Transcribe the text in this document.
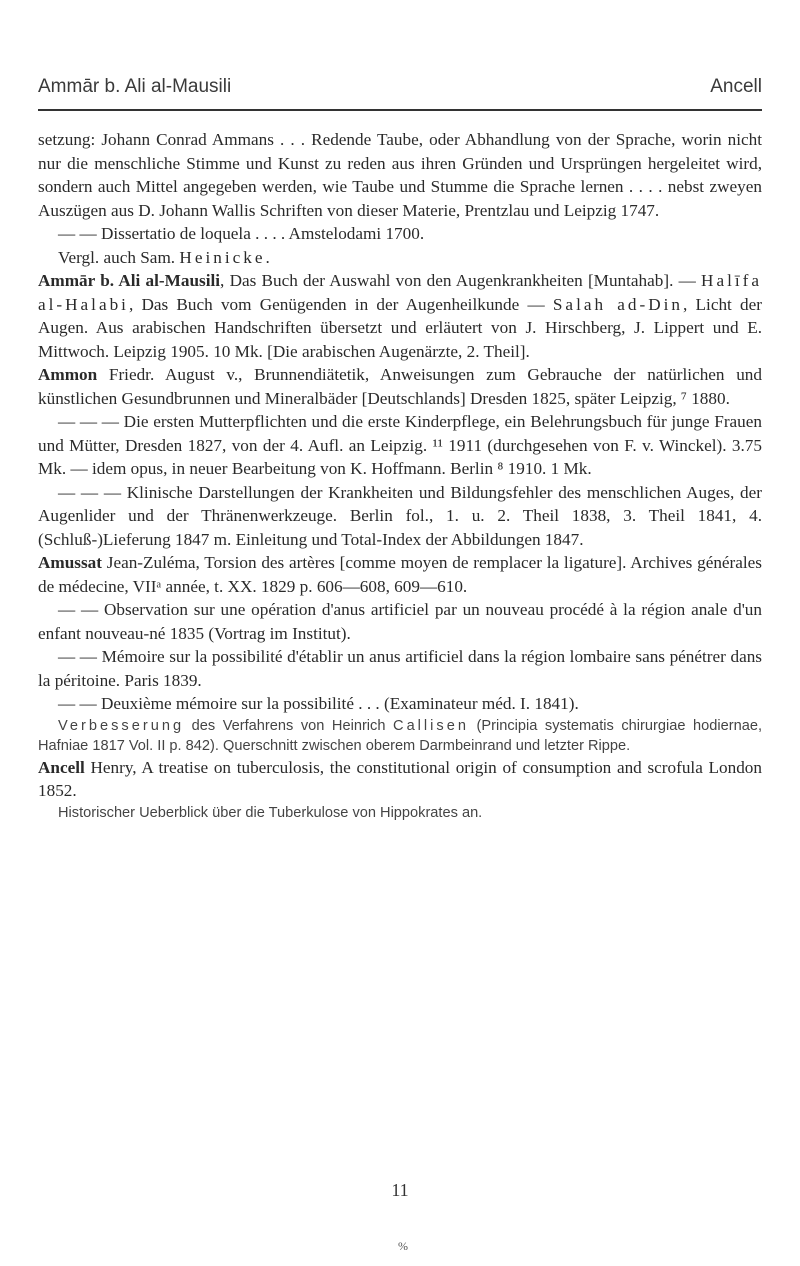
Ammār b. Ali al-Mausili	Ancell

setzung: Johann Conrad Ammans . . . Redende Taube, oder Abhandlung von der Sprache, worin nicht nur die menschliche Stimme und Kunst zu reden aus ihren Gründen und Ursprüngen hergeleitet wird, sondern auch Mittel angegeben werden, wie Taube und Stumme die Sprache lernen . . . . nebst zweyen Auszügen aus D. Johann Wallis Schriften von dieser Materie, Prentzlau und Leipzig 1747.

— — Dissertatio de loquela . . . . Amstelodami 1700.

Vergl. auch Sam. Heinicke.

Ammār b. Ali al-Mausili, Das Buch der Auswahl von den Augenkrankheiten [Muntahab]. — Halīfa al-Halabi, Das Buch vom Genügenden in der Augenheilkunde — Salah ad-Din, Licht der Augen. Aus arabischen Handschriften übersetzt und erläutert von J. Hirschberg, J. Lippert und E. Mittwoch. Leipzig 1905. 10 Mk. [Die arabischen Augenärzte, 2. Theil].

Ammon Friedr. August v., Brunnendiätetik, Anweisungen zum Gebrauche der natürlichen und künstlichen Gesundbrunnen und Mineralbäder [Deutschlands] Dresden 1825, später Leipzig, ⁷ 1880.

— — — Die ersten Mutterpflichten und die erste Kinderpflege, ein Belehrungsbuch für junge Frauen und Mütter, Dresden 1827, von der 4. Aufl. an Leipzig. ¹¹ 1911 (durchgesehen von F. v. Winckel). 3.75 Mk. — idem opus, in neuer Bearbeitung von K. Hoffmann. Berlin ⁸ 1910. 1 Mk.

— — — Klinische Darstellungen der Krankheiten und Bildungsfehler des menschlichen Auges, der Augenlider und der Thränenwerkzeuge. Berlin fol., 1. u. 2. Theil 1838, 3. Theil 1841, 4. (Schluß-)Lieferung 1847 m. Einleitung und Total-Index der Abbildungen 1847.

Amussat Jean-Zuléma, Torsion des artères [comme moyen de remplacer la ligature]. Archives générales de médecine, VIIᵃ année, t. XX. 1829 p. 606—608, 609—610.

— — Observation sur une opération d'anus artificiel par un nouveau procédé à la région anale d'un enfant nouveau-né 1835 (Vortrag im Institut).

— — Mémoire sur la possibilité d'établir un anus artificiel dans la région lombaire sans pénétrer dans la péritoine. Paris 1839.

— — Deuxième mémoire sur la possibilité . . . (Examinateur méd. I. 1841).

Verbesserung des Verfahrens von Heinrich Callisen (Principia systematis chirurgiae hodiernae, Hafniae 1817 Vol. II p. 842). Querschnitt zwischen oberem Darmbeinrand und letzter Rippe.

Ancell Henry, A treatise on tuberculosis, the constitutional origin of consumption and scrofula London 1852.

Historischer Ueberblick über die Tuberkulose von Hippokrates an.

11
%
